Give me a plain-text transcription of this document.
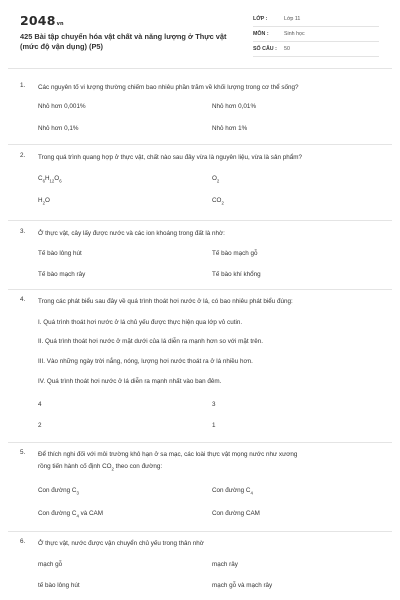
2048vn
425 Bài tập chuyển hóa vật chất và năng lượng ở Thực vật (mức độ vận dụng) (P5)
LỚP :	Lớp 11
MÔN :	Sinh học
SỐ CÂU : 50
1. Các nguyên tố vi lượng thường chiếm bao nhiêu phần trăm về khối lượng trong cơ thể sống?
Nhỏ hơn 0,001%	Nhỏ hơn 0,01%
Nhỏ hơn 0,1%	Nhỏ hơn 1%
2. Trong quá trình quang hợp ở thực vật, chất nào sau đây vừa là nguyên liệu, vừa là sản phẩm?
$C_6H_{12}O_6$	$O_2$
$H_2O$	$CO_2$
3. Ở thực vật, cây lấy được nước và các ion khoáng trong đất là nhờ:
Tế bào lông hút	Tế bào mạch gỗ
Tế bào mạch rây	Tế bào khí khổng
4. Trong các phát biểu sau đây về quá trình thoát hơi nước ở lá, có bao nhiêu phát biểu đúng:
I. Quá trình thoát hơi nước ở lá chủ yếu được thực hiện qua lớp vỏ cutin.
II. Quá trình thoát hơi nước ở mặt dưới của lá diễn ra mạnh hơn so với mặt trên.
III. Vào những ngày trời nắng, nóng, lượng hơi nước thoát ra ở lá nhiều hơn.
IV. Quá trình thoát hơi nước ở lá diễn ra mạnh nhất vào ban đêm.
4	3
2	1
5. Để thích nghi đối với môi trường khô hạn ở sa mạc, các loài thực vật mọng nước như xương
rồng tiến hành cố định $CO_2$ theo con đường:
Con đường $C_3$	Con đường $C_4$
Con đường $C_4$ và CAM	Con đường CAM
6. Ở thực vật, nước được vận chuyển chủ yếu trong thân nhờ
mạch gỗ	mạch rây
tế bào lông hút	mạch gỗ và mạch rây
